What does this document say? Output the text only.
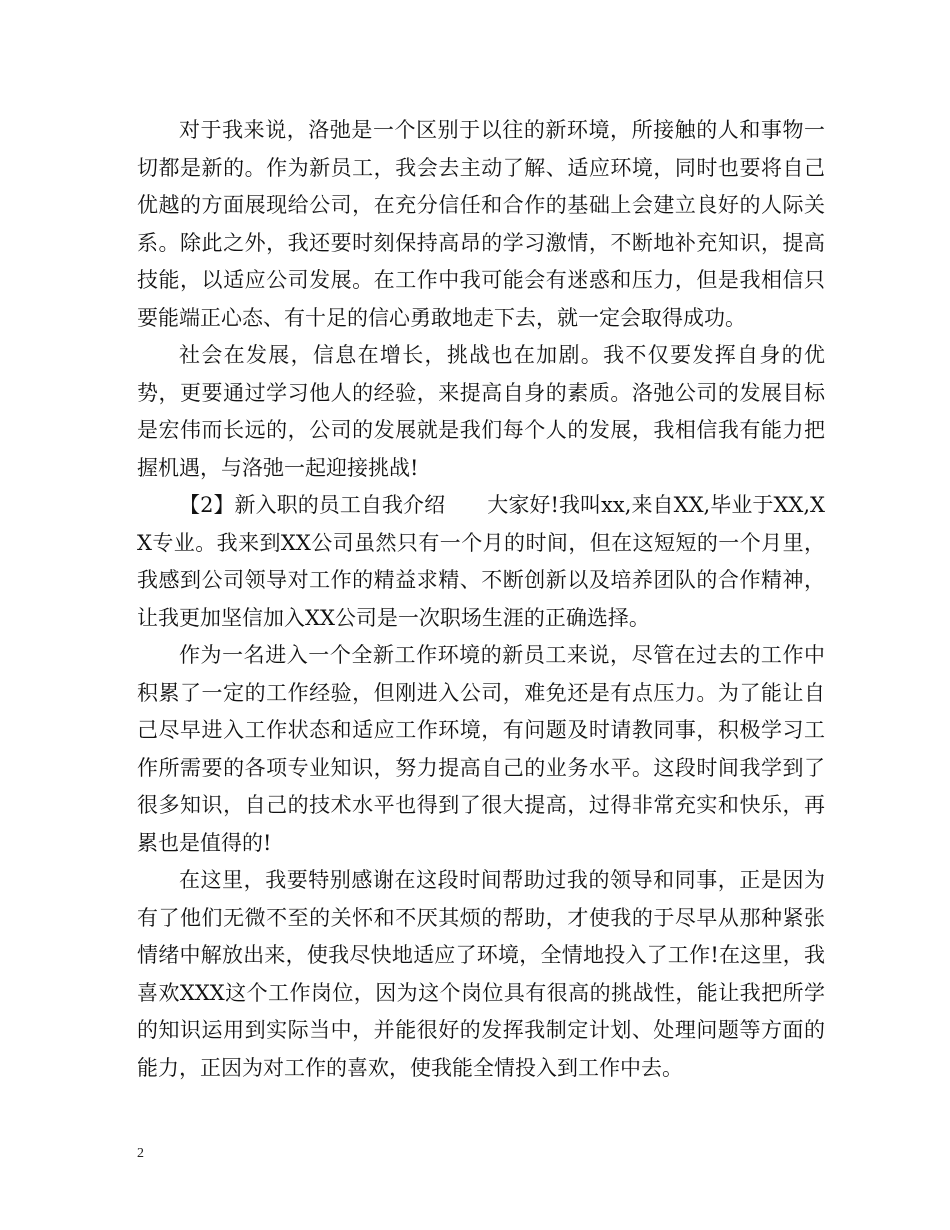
对于我来说，洛弛是一个区别于以往的新环境，所接触的人和事物一切都是新的。作为新员工，我会去主动了解、适应环境，同时也要将自己优越的方面展现给公司，在充分信任和合作的基础上会建立良好的人际关系。除此之外，我还要时刻保持高昂的学习激情，不断地补充知识，提高技能，以适应公司发展。在工作中我可能会有迷惑和压力，但是我相信只要能端正心态、有十足的信心勇敢地走下去，就一定会取得成功。

社会在发展，信息在增长，挑战也在加剧。我不仅要发挥自身的优势，更要通过学习他人的经验，来提高自身的素质。洛弛公司的发展目标是宏伟而长远的，公司的发展就是我们每个人的发展，我相信我有能力把握机遇，与洛弛一起迎接挑战!

【2】新入职的员工自我介绍 大家好!我叫xx,来自XX,毕业于XX,XX专业。我来到XX公司虽然只有一个月的时间，但在这短短的一个月里，我感到公司领导对工作的精益求精、不断创新以及培养团队的合作精神，让我更加坚信加入XX公司是一次职场生涯的正确选择。

作为一名进入一个全新工作环境的新员工来说，尽管在过去的工作中积累了一定的工作经验，但刚进入公司，难免还是有点压力。为了能让自己尽早进入工作状态和适应工作环境，有问题及时请教同事，积极学习工作所需要的各项专业知识，努力提高自己的业务水平。这段时间我学到了很多知识，自己的技术水平也得到了很大提高，过得非常充实和快乐，再累也是值得的!

在这里，我要特别感谢在这段时间帮助过我的领导和同事，正是因为有了他们无微不至的关怀和不厌其烦的帮助，才使我的于尽早从那种紧张情绪中解放出来，使我尽快地适应了环境，全情地投入了工作!在这里，我喜欢XXX这个工作岗位，因为这个岗位具有很高的挑战性，能让我把所学的知识运用到实际当中，并能很好的发挥我制定计划、处理问题等方面的能力，正因为对工作的喜欢，使我能全情投入到工作中去。

2
